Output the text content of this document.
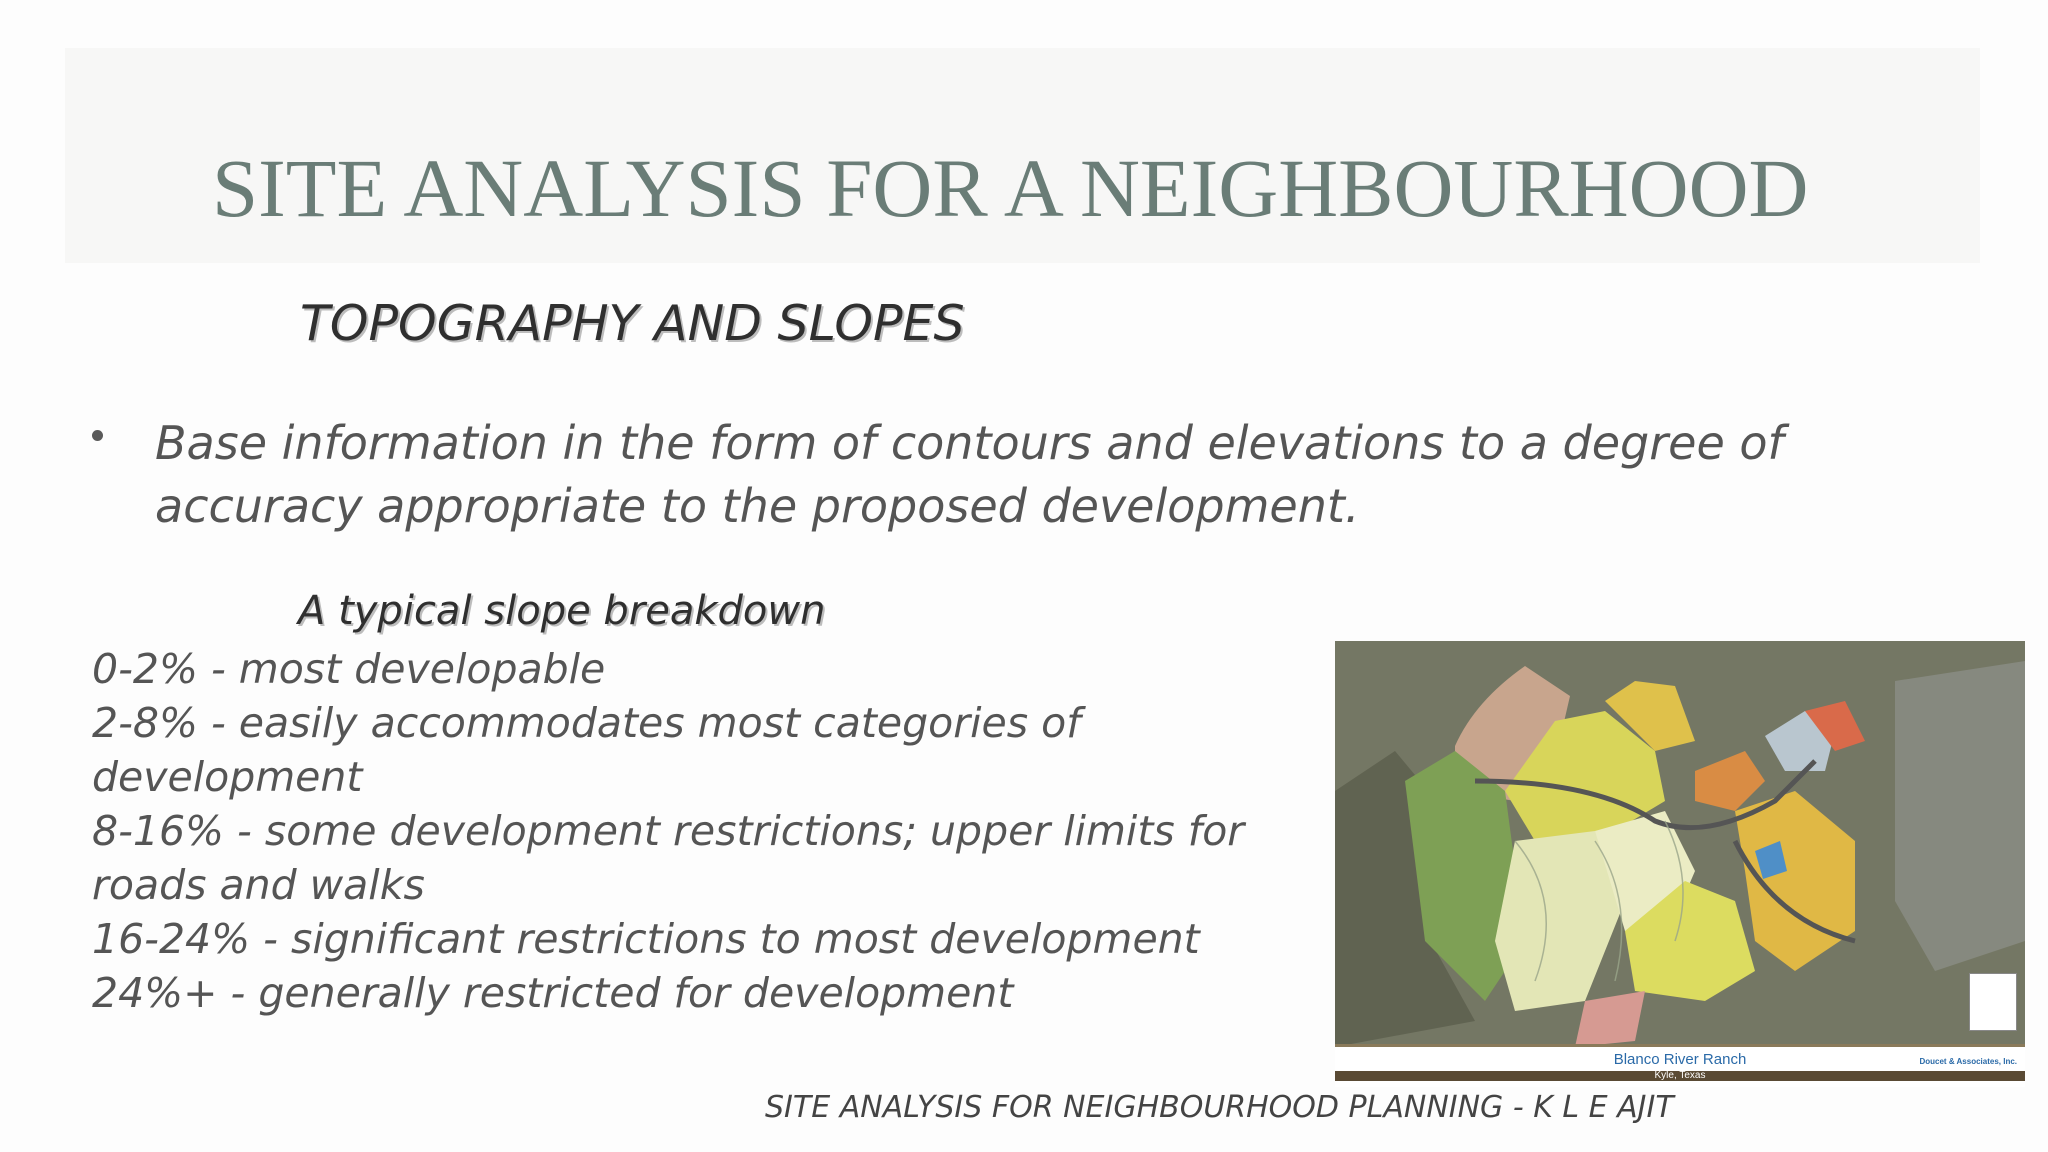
SITE ANALYSIS FOR A NEIGHBOURHOOD
TOPOGRAPHY AND SLOPES
Base information in the form of contours and elevations to a degree of accuracy appropriate to the proposed development.
A typical slope breakdown
0-2% - most developable
2-8% - easily accommodates most categories of development
8-16% - some development restrictions; upper limits for roads and walks
16-24% - significant restrictions to most development
24%+ - generally restricted for development
Blanco River Ranch
Kyle, Texas
Doucet & Associates, Inc.
SITE ANALYSIS FOR NEIGHBOURHOOD PLANNING - K L E AJIT
